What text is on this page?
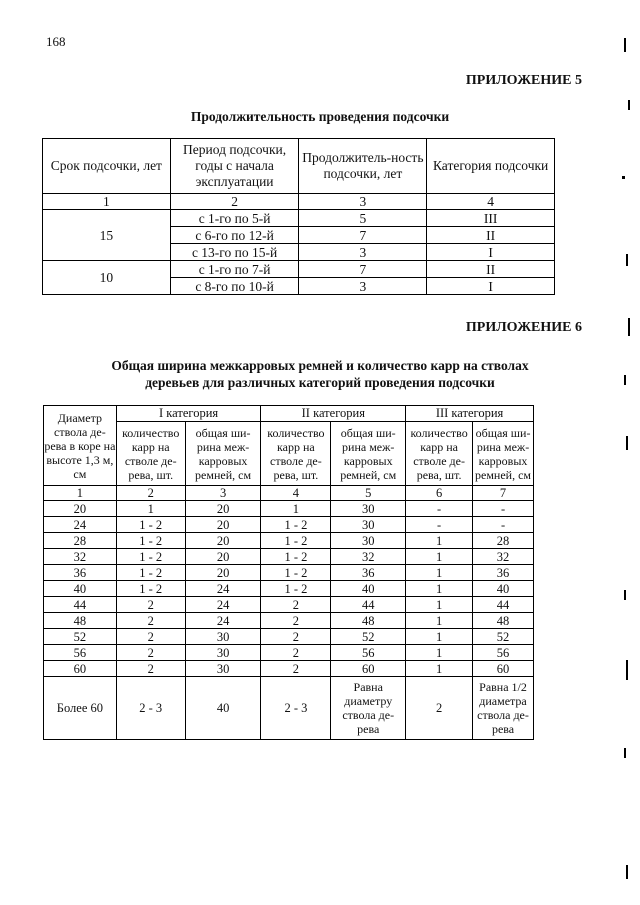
168
ПРИЛОЖЕНИЕ 5
Продолжительность проведения подсочки
Срок подсочки, лет	Период подсочки, годы с начала эксплуатации	Продолжитель-ность подсочки, лет	Категория подсочки
1	2	3	4
15	с 1-го по 5-й	5	III
	с 6-го по 12-й	7	II
	с 13-го по 15-й	3	I
10	с 1-го по 7-й	7	II
	с 8-го по 10-й	3	I
ПРИЛОЖЕНИЕ 6
Общая ширина межкарровых ремней и количество карр на стволах
деревьев для различных категорий проведения подсочки
Диаметр ствола де-рева в коре на высоте 1,3 м, см	I категория		II категория		III категория	
	количество карр на стволе де-рева, шт.	общая ши-рина меж-карровых ремней, см	количество карр на стволе де-рева, шт.	общая ши-рина меж-карровых ремней, см	количество карр на стволе де-рева, шт.	общая ши-рина меж-карровых ремней, см
1	2	3	4	5	6	7
20	1	20	1	30	-	-
24	1 - 2	20	1 - 2	30	-	-
28	1 - 2	20	1 - 2	30	1	28
32	1 - 2	20	1 - 2	32	1	32
36	1 - 2	20	1 - 2	36	1	36
40	1 - 2	24	1 - 2	40	1	40
44	2	24	2	44	1	44
48	2	24	2	48	1	48
52	2	30	2	52	1	52
56	2	30	2	56	1	56
60	2	30	2	60	1	60
Более 60	2 - 3	40	2 - 3	Равна диаметру ствола де-рева	2	Равна 1/2 диаметра ствола де-рева
